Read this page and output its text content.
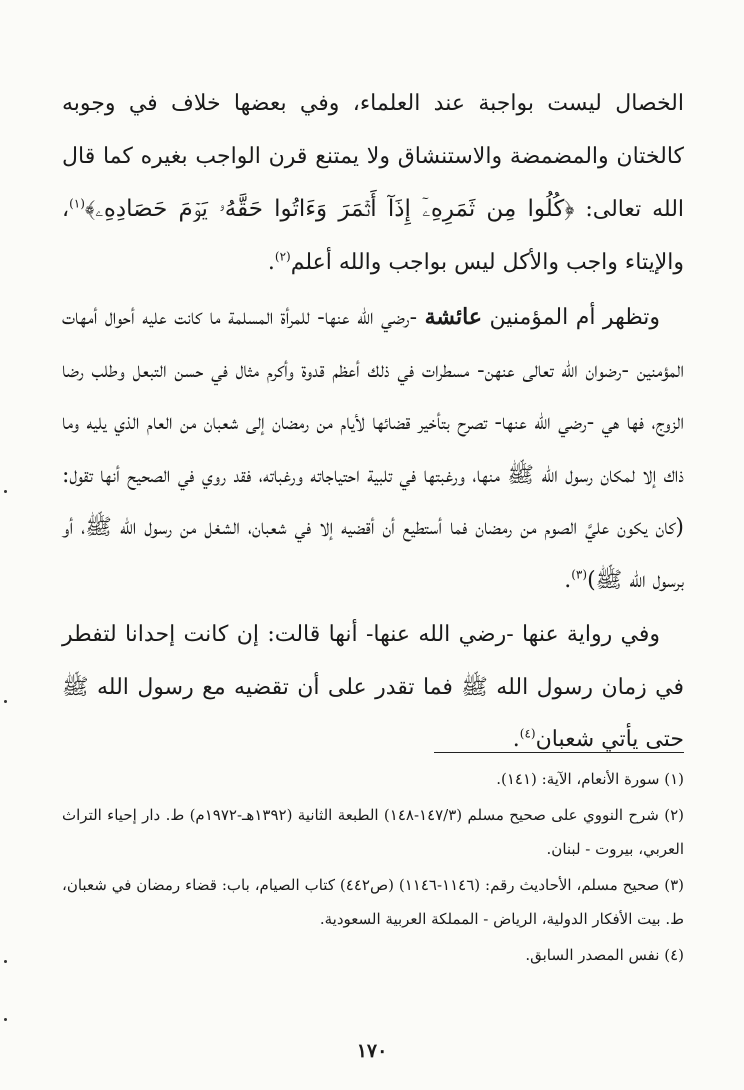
الخصال ليست بواجبة عند العلماء، وفي بعضها خلاف في وجوبه كالختان والمضمضة والاستنشاق ولا يمتنع قرن الواجب بغيره كما قال الله تعالى: ﴿كُلُوا مِن ثَمَرِهِۦٓ إِذَآ أَثۡمَرَ وَءَاتُوا حَقَّهُۥ يَوۡمَ حَصَادِهِۦ﴾$^{(١)}$، والإيتاء واجب والأكل ليس بواجب والله أعلم$^{(٢)}$.

وتظهر أم المؤمنين عائشة -رضي الله عنها- للمرأة المسلمة ما كانت عليه أحوال أمهات المؤمنين -رضوان الله تعالى عنهن- مسطرات في ذلك أعظم قدوة وأكرم مثال في حسن التبعل وطلب رضا الزوج، فها هي -رضي الله عنها- تصرح بتأخير قضائها لأيام من رمضان إلى شعبان من العام الذي يليه وما ذاك إلا لمكان رسول الله ﷺ منها، ورغبتها في تلبية احتياجاته ورغباته، فقد روي في الصحيح أنها تقول: (كان يكون عليَّ الصوم من رمضان فما أستطيع أن أقضيه إلا في شعبان، الشغل من رسول الله ﷺ، أو برسول الله ﷺ)$^{(٣)}$.

وفي رواية عنها -رضي الله عنها- أنها قالت: إن كانت إحدانا لتفطر في زمان رسول الله ﷺ فما تقدر على أن تقضيه مع رسول الله ﷺ حتى يأتي شعبان$^{(٤)}$.

(١) سورة الأنعام، الآية: (١٤١).

(٢) شرح النووي على صحيح مسلم (١٤٧/٣-١٤٨) الطبعة الثانية (١٣٩٢هـ-١٩٧٢م) ط. دار إحياء التراث العربي، بيروت - لبنان.

(٣) صحيح مسلم، الأحاديث رقم: (١١٤٦-١١٤٦) (ص٤٤٢) كتاب الصيام، باب: قضاء رمضان في شعبان، ط. بيت الأفكار الدولية، الرياض - المملكة العربية السعودية.

(٤) نفس المصدر السابق.

١٧٠
